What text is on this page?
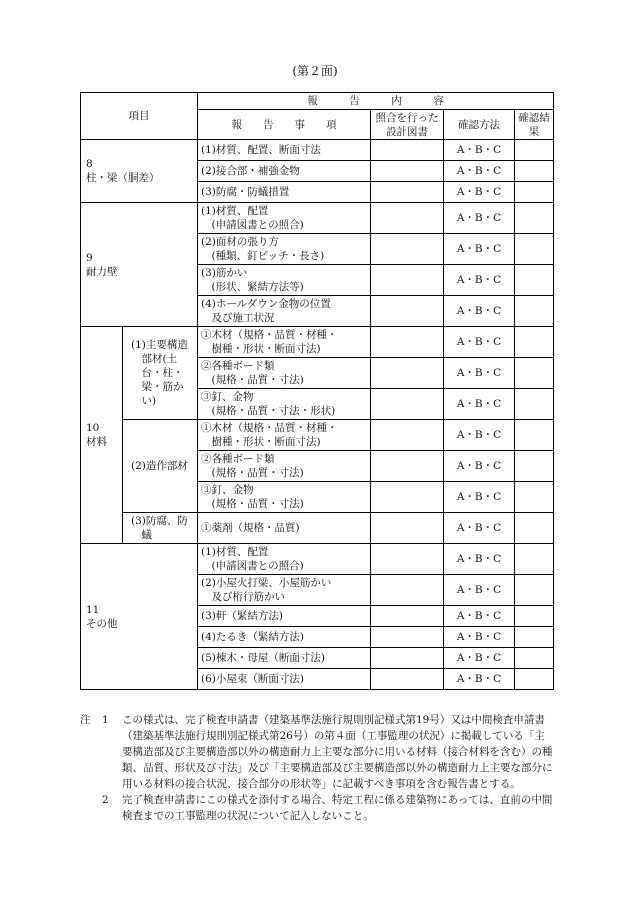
(第２面)
項目		報　　　告　　　内　　　容			
		報　　告　　事　　項	照合を行った設計図書	確認方法	確認結果
8
柱・梁（胴差）		(1)材質、配置、断面寸法		A・B・C	
		(2)接合部・補強金物		A・B・C	
		(3)防腐・防蟻措置		A・B・C	
9
耐力壁		(1)材質、配置
　(申請図書との照合)		A・B・C	
		(2)面材の張り方
　(種類、釘ピッチ・長さ)		A・B・C	
		(3)筋かい
　(形状、緊結方法等)		A・B・C	
		(4)ホールダウン金物の位置
　及び施工状況		A・B・C	
10
材料	(1)主要構造
　部材(土
　台・柱・
　梁・筋か
　い)	①木材（規格・品質・材種・
　樹種・形状・断面寸法)		A・B・C	
		②各種ボード類
　(規格・品質・寸法)		A・B・C	
		③釘、金物
　(規格・品質・寸法・形状)		A・B・C	
	(2)造作部材	①木材（規格・品質・材種・
　樹種・形状・断面寸法)		A・B・C	
		②各種ボード類
　(規格・品質・寸法)		A・B・C	
		③釘、金物
　(規格・品質・寸法)		A・B・C	
	(3)防腐、防
　蟻	①薬剤（規格・品質)		A・B・C	
11
その他		(1)材質、配置
　(申請図書との照合)		A・B・C	
		(2)小屋火打梁、小屋筋かい
　及び桁行筋かい		A・B・C	
		(3)軒（緊結方法)		A・B・C	
		(4)たるき（緊結方法)		A・B・C	
		(5)棟木・母屋（断面寸法)		A・B・C	
		(6)小屋束（断面寸法)		A・B・C	
注	1	この様式は、完了検査申請書（建築基準法施行規則別記様式第19号）又は中間検査申請書（建築基準法施行規則別記様式第26号）の第４面（工事監理の状況）に掲載している「主要構造部及び主要構造部以外の構造耐力上主要な部分に用いる材料（接合材料を含む）の種類、品質、形状及び寸法」及び「主要構造部及び主要構造部以外の構造耐力上主要な部分に用いる材料の接合状況、接合部分の形状等」に記載すべき事項を含む報告書とする。
2	完了検査申請書にこの様式を添付する場合、特定工程に係る建築物にあっては、直前の中間検査までの工事監理の状況について記入しないこと。
